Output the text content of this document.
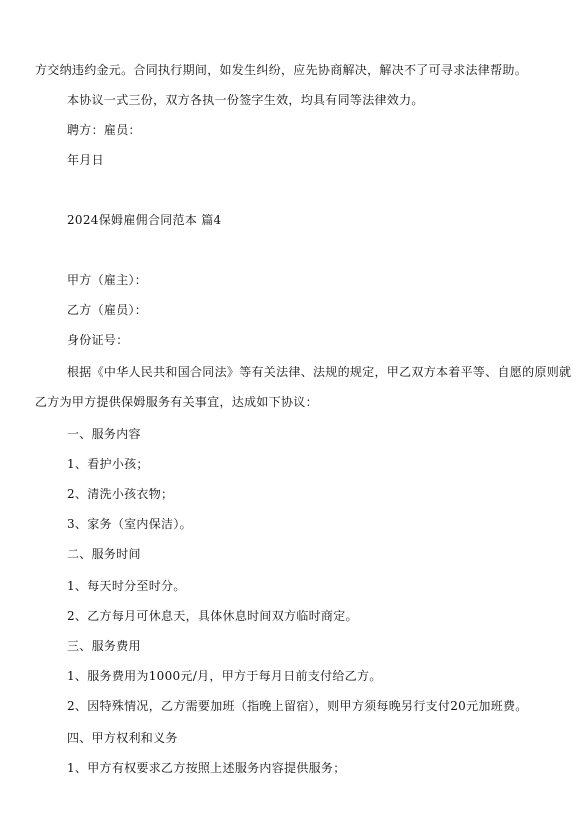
方交纳违约金元。合同执行期间，如发生纠纷，应先协商解决，解决不了可寻求法律帮助。
本协议一式三份，双方各执一份签字生效，均具有同等法律效力。
聘方：雇员：
年月日
2024保姆雇佣合同范本 篇4
甲方（雇主）：
乙方（雇员）：
身份证号：
根据《中华人民共和国合同法》等有关法律、法规的规定，甲乙双方本着平等、自愿的原则就
乙方为甲方提供保姆服务有关事宜，达成如下协议：
一、服务内容
1、看护小孩；
2、清洗小孩衣物；
3、家务（室内保洁）。
二、服务时间
1、每天时分至时分。
2、乙方每月可休息天，具体休息时间双方临时商定。
三、服务费用
1、服务费用为1000元/月，甲方于每月日前支付给乙方。
2、因特殊情况，乙方需要加班（指晚上留宿），则甲方须每晚另行支付20元加班费。
四、甲方权利和义务
1、甲方有权要求乙方按照上述服务内容提供服务；
